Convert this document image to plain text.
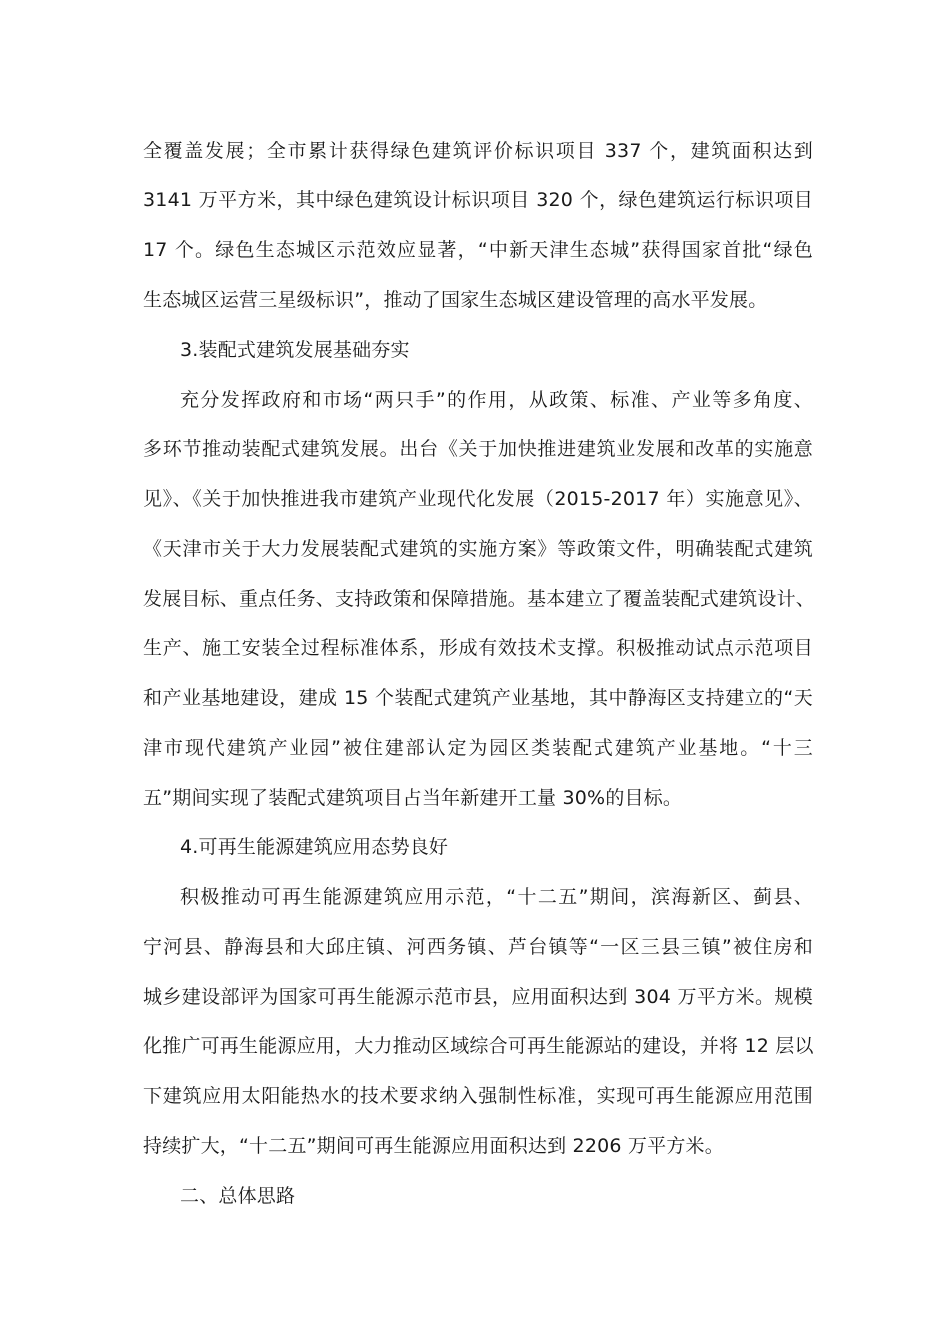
全覆盖发展；全市累计获得绿色建筑评价标识项目 337 个，建筑面积达到
3141 万平方米，其中绿色建筑设计标识项目 320 个，绿色建筑运行标识项目
17 个。绿色生态城区示范效应显著，“中新天津生态城”获得国家首批“绿色
生态城区运营三星级标识”，推动了国家生态城区建设管理的高水平发展。
3.装配式建筑发展基础夯实
充分发挥政府和市场“两只手”的作用，从政策、标准、产业等多角度、
多环节推动装配式建筑发展。出台《关于加快推进建筑业发展和改革的实施意
见》、《关于加快推进我市建筑产业现代化发展（2015-2017 年）实施意见》、
《天津市关于大力发展装配式建筑的实施方案》等政策文件，明确装配式建筑
发展目标、重点任务、支持政策和保障措施。基本建立了覆盖装配式建筑设计、
生产、施工安装全过程标准体系，形成有效技术支撑。积极推动试点示范项目
和产业基地建设，建成 15 个装配式建筑产业基地，其中静海区支持建立的“天
津市现代建筑产业园”被住建部认定为园区类装配式建筑产业基地。“十三
五”期间实现了装配式建筑项目占当年新建开工量 30%的目标。
4.可再生能源建筑应用态势良好
积极推动可再生能源建筑应用示范，“十二五”期间，滨海新区、蓟县、
宁河县、静海县和大邱庄镇、河西务镇、芦台镇等“一区三县三镇”被住房和
城乡建设部评为国家可再生能源示范市县，应用面积达到 304 万平方米。规模
化推广可再生能源应用，大力推动区域综合可再生能源站的建设，并将 12 层以
下建筑应用太阳能热水的技术要求纳入强制性标准，实现可再生能源应用范围
持续扩大，“十二五”期间可再生能源应用面积达到 2206 万平方米。
二、总体思路
